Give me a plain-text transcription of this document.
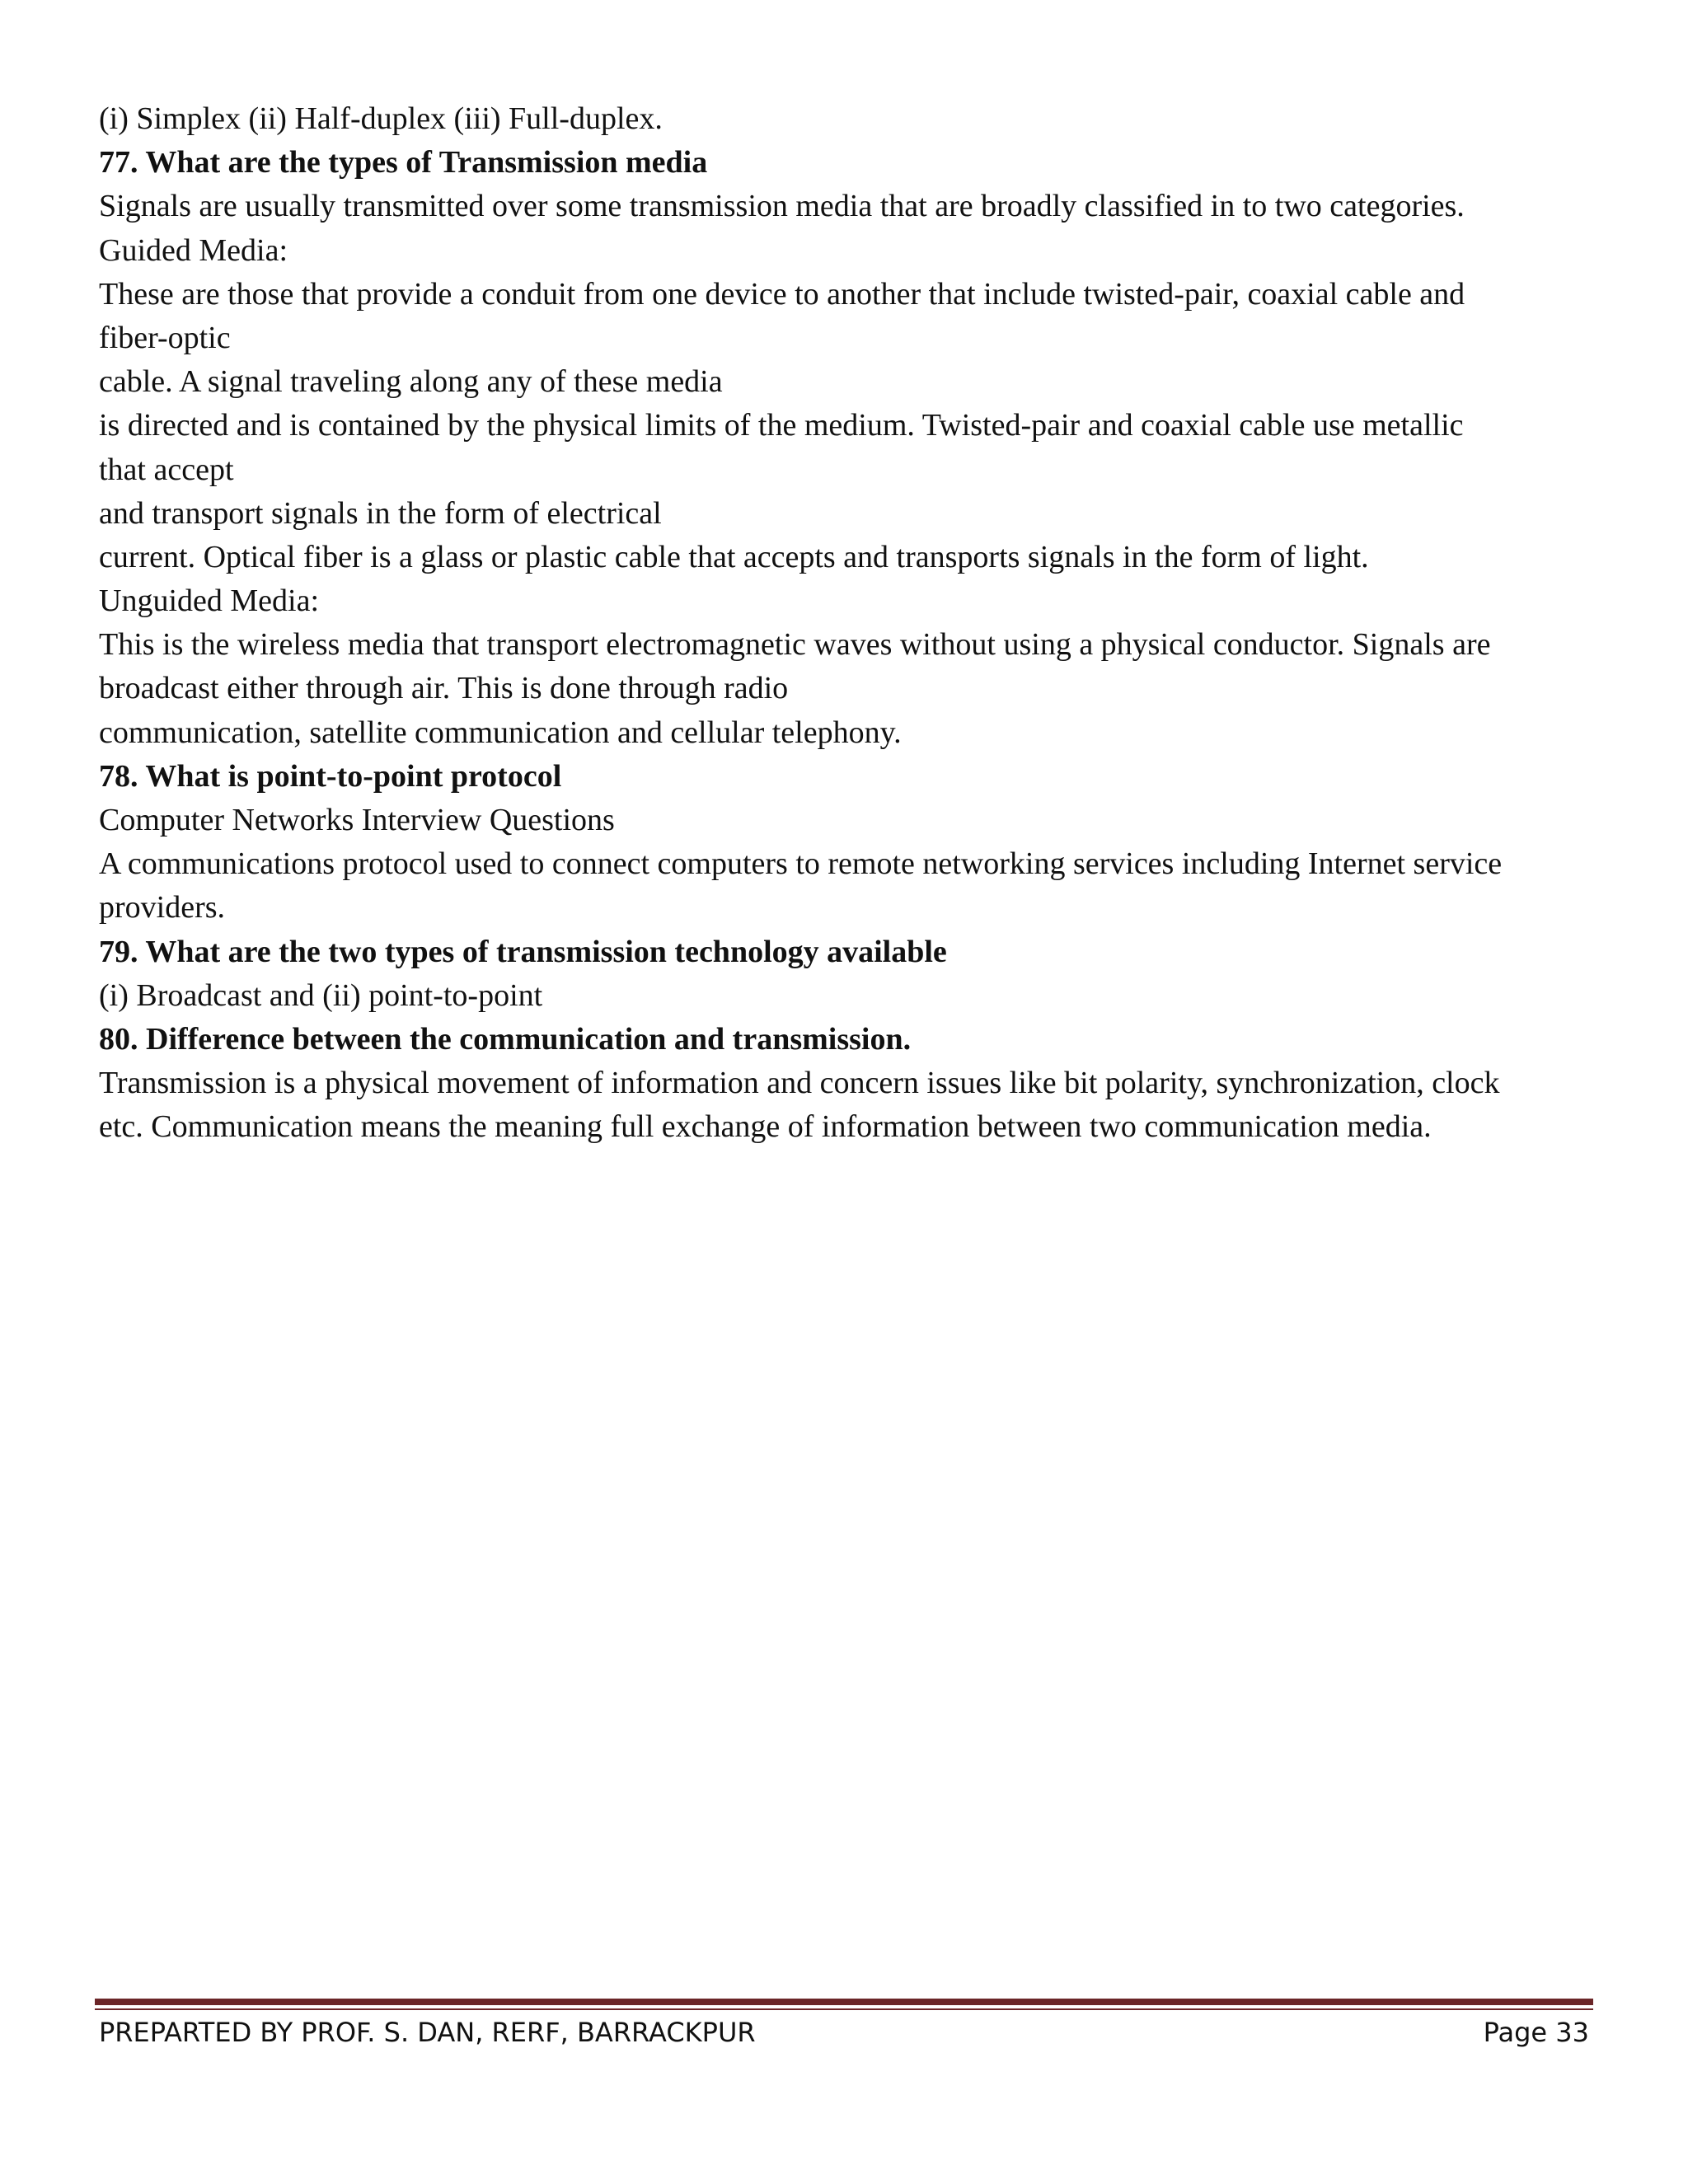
(i) Simplex (ii) Half-duplex (iii) Full-duplex.

77. What are the types of Transmission media

Signals are usually transmitted over some transmission media that are broadly classified in to two categories.

Guided Media:

These are those that provide a conduit from one device to another that include twisted-pair, coaxial cable and

fiber-optic

cable. A signal traveling along any of these media

is directed and is contained by the physical limits of the medium. Twisted-pair and coaxial cable use metallic

that accept

and transport signals in the form of electrical

current. Optical fiber is a glass or plastic cable that accepts and transports signals in the form of light.

Unguided Media:

This is the wireless media that transport electromagnetic waves without using a physical conductor. Signals are

broadcast either through air. This is done through radio

communication, satellite communication and cellular telephony.

78. What is point-to-point protocol

Computer Networks Interview Questions

A communications protocol used to connect computers to remote networking services including Internet service

providers.

79. What are the two types of transmission technology available

(i) Broadcast and (ii) point-to-point

80. Difference between the communication and transmission.

Transmission is a physical movement of information and concern issues like bit polarity, synchronization, clock

etc. Communication means the meaning full exchange of information between two communication media.

PREPARTED BY PROF. S. DAN, RERF, BARRACKPUR	Page 33
